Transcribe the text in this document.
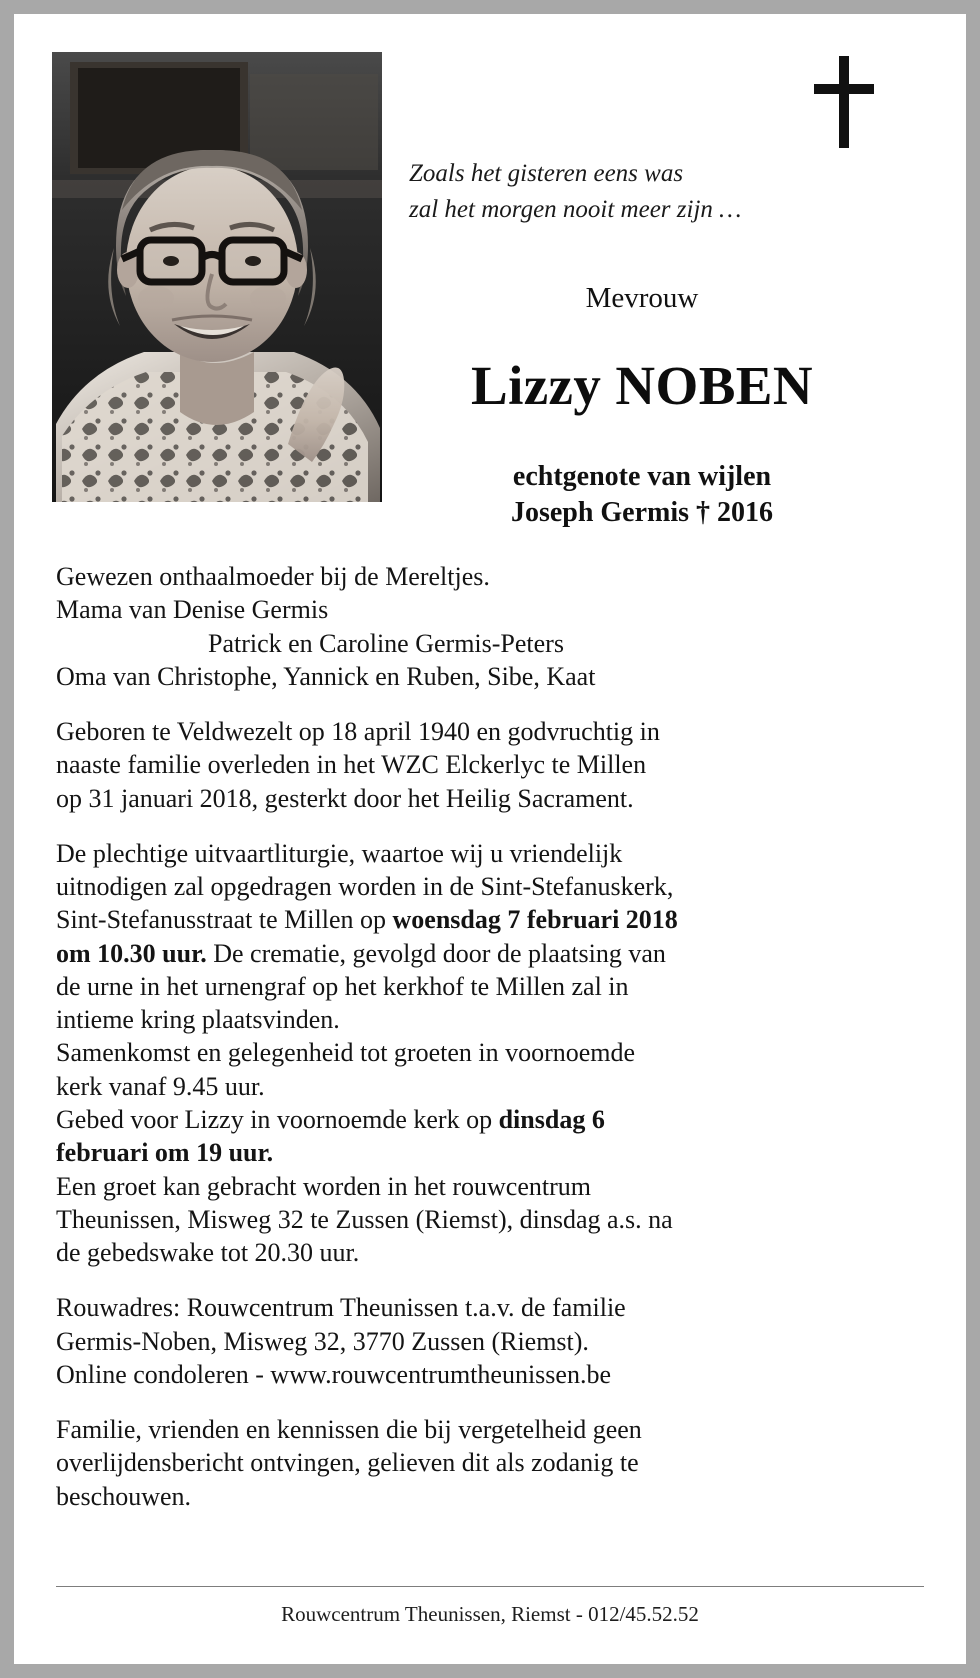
Zoals het gisteren eens was
zal het morgen nooit meer zijn …
Mevrouw
Lizzy NOBEN
echtgenote van wijlen
Joseph Germis † 2016

Gewezen onthaalmoeder bij de Mereltjes.
Mama van Denise Germis
Patrick en Caroline Germis-Peters
Oma van Christophe, Yannick en Ruben, Sibe, Kaat

Geboren te Veldwezelt op 18 april 1940 en godvruchtig in
naaste familie overleden in het WZC Elckerlyc te Millen
op 31 januari 2018, gesterkt door het Heilig Sacrament.

De plechtige uitvaartliturgie, waartoe wij u vriendelijk
uitnodigen zal opgedragen worden in de Sint-Stefanuskerk,
Sint-Stefanusstraat te Millen op woensdag 7 februari 2018
om 10.30 uur. De crematie, gevolgd door de plaatsing van
de urne in het urnengraf op het kerkhof te Millen zal in
intieme kring plaatsvinden.
Samenkomst en gelegenheid tot groeten in voornoemde
kerk vanaf 9.45 uur.
Gebed voor Lizzy in voornoemde kerk op dinsdag 6
februari om 19 uur.
Een groet kan gebracht worden in het rouwcentrum
Theunissen, Misweg 32 te Zussen (Riemst), dinsdag a.s. na
de gebedswake tot 20.30 uur.

Rouwadres: Rouwcentrum Theunissen t.a.v. de familie
Germis-Noben, Misweg 32, 3770 Zussen (Riemst).
Online condoleren - www.rouwcentrumtheunissen.be

Familie, vrienden en kennissen die bij vergetelheid geen
overlijdensbericht ontvingen, gelieven dit als zodanig te
beschouwen.

Rouwcentrum Theunissen, Riemst - 012/45.52.52
